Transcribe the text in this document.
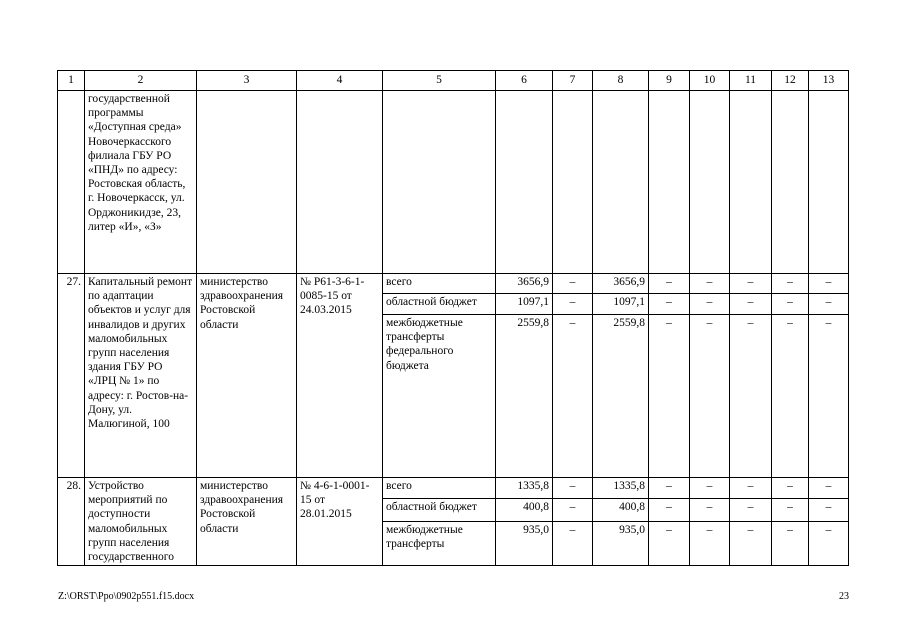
1	2	3	4	5	6	7	8	9	10	11	12	13
	государственной программы «Доступная среда» Новочеркасского филиала ГБУ РО «ПНД» по адресу: Ростовская область, г. Новочеркасск, ул. Орджоникидзе, 23, литер «И», «З»											
27.	Капитальный ремонт по адаптации объектов и услуг для инвалидов и других маломобильных групп населения здания ГБУ РО «ЛРЦ № 1» по адресу: г. Ростов-на-Дону, ул. Малюгиной, 100	министерство здравоохранения Ростовской области	№ Р61-3-6-1-0085-15 от 24.03.2015	всего	3656,9	–	3656,9	–	–	–	–	–
				областной бюджет	1097,1	–	1097,1	–	–	–	–	–
				межбюджетные трансферты федерального бюджета	2559,8	–	2559,8	–	–	–	–	–
28.	Устройство мероприятий по доступности маломобильных групп населения государственного	министерство здравоохранения Ростовской области	№ 4-6-1-0001-15 от 28.01.2015	всего	1335,8	–	1335,8	–	–	–	–	–
				областной бюджет	400,8	–	400,8	–	–	–	–	–
				межбюджетные трансферты	935,0	–	935,0	–	–	–	–	–
Z:\ORST\Ppo\0902p551.f15.docx	23
